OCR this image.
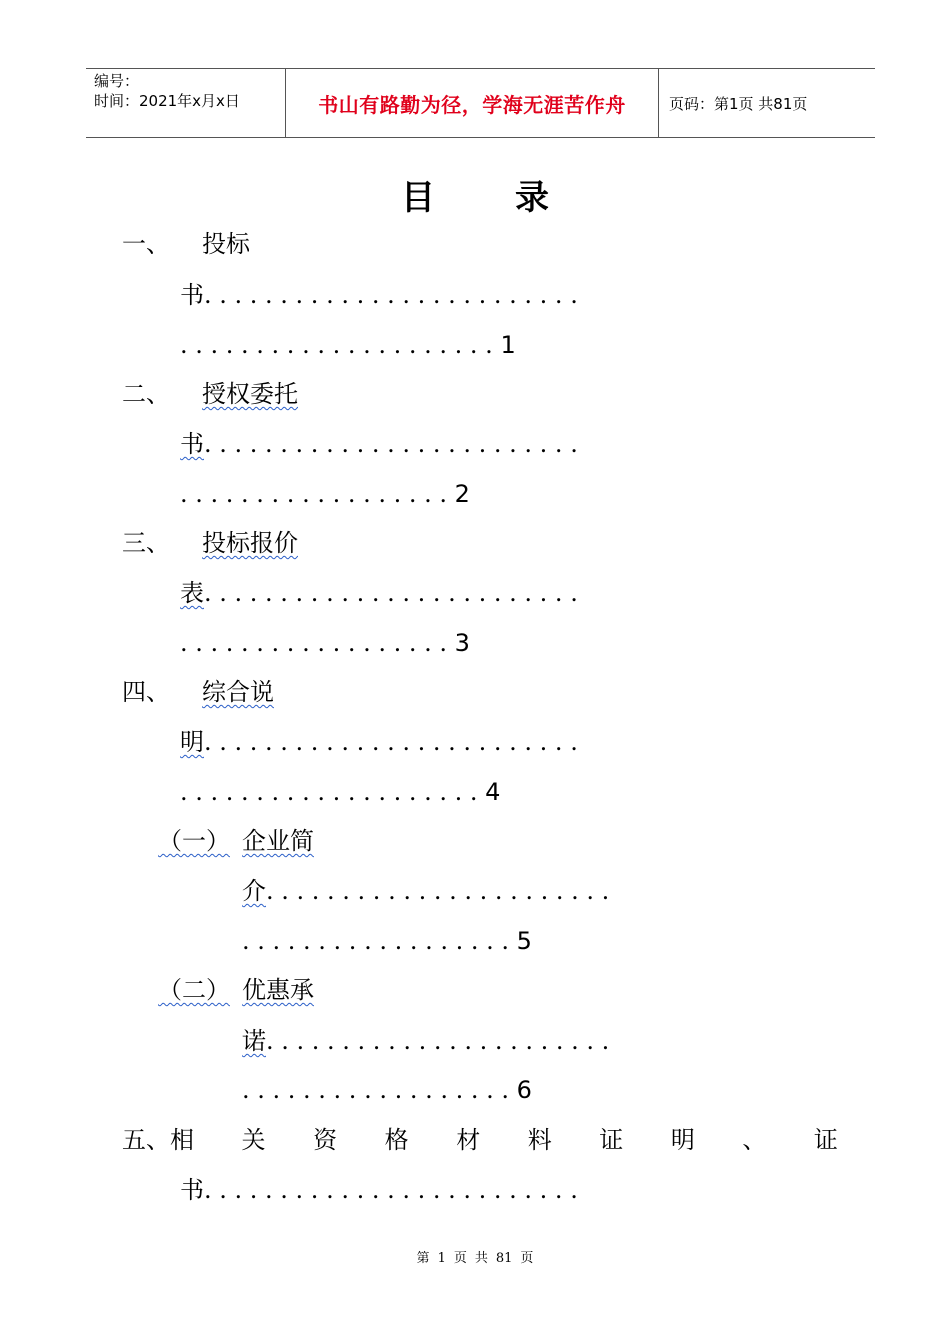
编号：
时间：2021年x月x日	书山有路勤为径，学海无涯苦作舟	页码：第1页 共81页
目 录
一、 投标
书. . . . . . . . . . . . . . . . . . . . . . . . .
. . . . . . . . . . . . . . . . . . . . . 1
二、 授权委托
书. . . . . . . . . . . . . . . . . . . . . . . . .
. . . . . . . . . . . . . . . . . . 2
三、 投标报价
表. . . . . . . . . . . . . . . . . . . . . . . . .
. . . . . . . . . . . . . . . . . . 3
四、 综合说
明. . . . . . . . . . . . . . . . . . . . . . . . .
. . . . . . . . . . . . . . . . . . . . 4
（一） 企业简
介. . . . . . . . . . . . . . . . . . . . . . .
. . . . . . . . . . . . . . . . . . 5
（二） 优惠承
诺. . . . . . . . . . . . . . . . . . . . . . .
. . . . . . . . . . . . . . . . . . 6
五、相 关 资 格 材 料 证 明 、 证
书. . . . . . . . . . . . . . . . . . . . . . . . .
第 1 页 共 81 页
